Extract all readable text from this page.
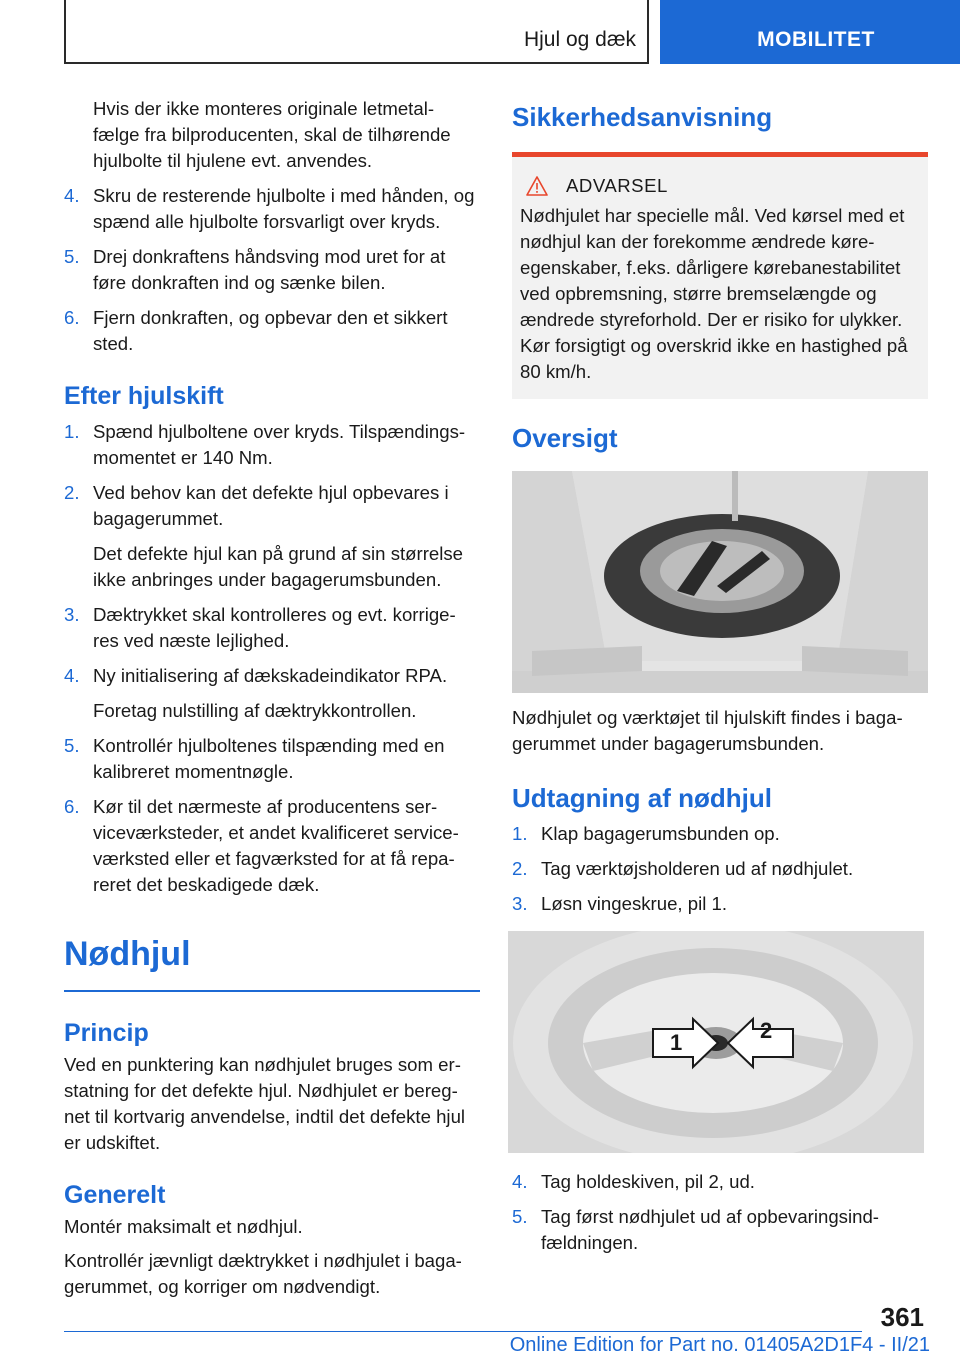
Hjul og dæk	MOBILITET

Hvis der ikke monteres originale letmetal-fælge fra bilproducenten, skal de tilhørende hjulbolte til hjulene evt. anvendes.

4. Skru de resterende hjulbolte i med hånden, og spænd alle hjulbolte forsvarligt over kryds.
5. Drej donkraftens håndsving mod uret for at føre donkraften ind og sænke bilen.
6. Fjern donkraften, og opbevar den et sikkert sted.
Efter hjulskift
1. Spænd hjulboltene over kryds. Tilspændings-momentet er 140 Nm.
2. Ved behov kan det defekte hjul opbevares i bagagerummet.

Det defekte hjul kan på grund af sin størrelse ikke anbringes under bagagerumsbunden.

3. Dæktrykket skal kontrolleres og evt. korrige-res ved næste lejlighed.
4. Ny initialisering af dækskadeindikator RPA.

Foretag nulstilling af dæktrykkontrollen.

5. Kontrollér hjulboltenes tilspænding med en kalibreret momentnøgle.
6. Kør til det nærmeste af producentens ser-viceværksteder, et andet kvalificeret service-værksted eller et fagværksted for at få repa-reret det beskadigede dæk.
Nødhjul
Princip

Ved en punktering kan nødhjulet bruges som er-statning for det defekte hjul. Nødhjulet er bereg-net til kortvarig anvendelse, indtil det defekte hjul er udskiftet.

Generelt

Montér maksimalt et nødhjul.

Kontrollér jævnligt dæktrykket i nødhjulet i baga-gerummet, og korriger om nødvendigt.

Sikkerhedsanvisning
ADVARSEL

Nødhjulet har specielle mål. Ved kørsel med et nødhjul kan der forekomme ændrede køre-egenskaber, f.eks. dårligere kørebanestabilitet ved opbremsning, større bremselængde og ændrede styreforhold. Der er risiko for ulykker. Kør forsigtigt og overskrid ikke en hastighed på 80 km/h.

Oversigt

Nødhjulet og værktøjet til hjulskift findes i baga-gerummet under bagagerumsbunden.

Udtagning af nødhjul
1. Klap bagagerumsbunden op.
2. Tag værktøjsholderen ud af nødhjulet.
3. Løsn vingeskrue, pil 1.
1	2
4. Tag holdeskiven, pil 2, ud.
5. Tag først nødhjulet ud af opbevaringsind-fældningen.
361
Online Edition for Part no. 01405A2D1F4 - II/21
